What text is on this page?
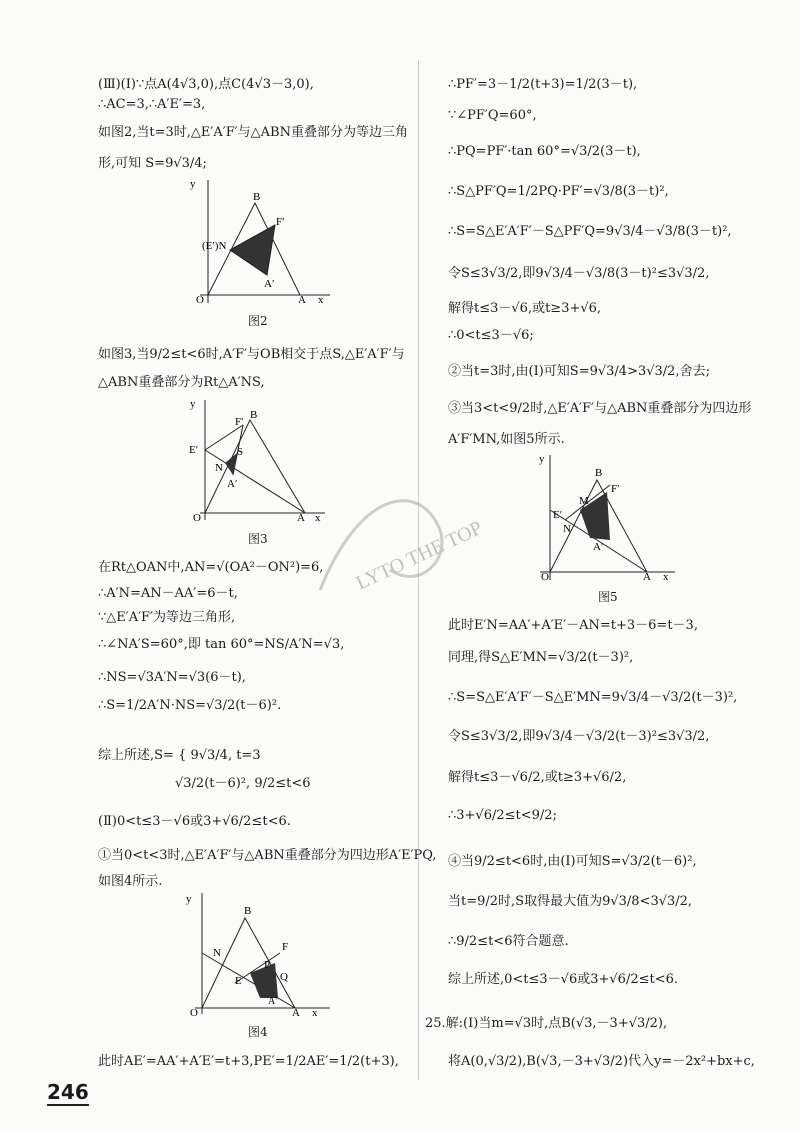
(Ⅲ)(Ⅰ)∵点A(4√3,0),点C(4√3－3,0),
∴AC=3,∴A′E′=3,
如图2,当t=3时,△E′A′F′与△ABN重叠部分为等边三角
形,可知 S=9√3/4;
y
B
F′
(E′)N
A′
O	A x
图2
如图3,当9/2≤t<6时,A′F′与OB相交于点S,△E′A′F′与
△ABN重叠部分为Rt△A′NS,
y
B
F′
E′
N
S
A′
O	A x
图3
在Rt△OAN中,AN=√(OA²－ON²)=6,
∴A′N=AN－AA′=6－t,
∵△E′A′F′为等边三角形,
∴∠NA′S=60°,即 tan 60°=NS/A′N=√3,
∴NS=√3A′N=√3(6－t),
∴S=1/2A′N·NS=√3/2(t－6)².
综上所述,S= { 9√3/4, t=3
√3/2(t－6)², 9/2≤t<6
(Ⅱ)0<t≤3－√6或3+√6/2≤t<6.
①当0<t<3时,△E′A′F′与△ABN重叠部分为四边形A′E′PQ,
如图4所示.
y
B
F
N
P
Q
E
A′
O	A x
图4
此时AE′=AA′+A′E′=t+3,PE′=1/2AE′=1/2(t+3),
∴PF′=3－1/2(t+3)=1/2(3－t),
∵∠PF′Q=60°,
∴PQ=PF′·tan 60°=√3/2(3－t),
∴S△PF′Q=1/2PQ·PF′=√3/8(3－t)²,
∴S=S△E′A′F′－S△PF′Q=9√3/4－√3/8(3－t)²,
令S≤3√3/2,即9√3/4－√3/8(3－t)²≤3√3/2,
解得t≤3－√6,或t≥3+√6,
∴0<t≤3－√6;
②当t=3时,由(Ⅰ)可知S=9√3/4>3√3/2,舍去;
③当3<t<9/2时,△E′A′F′与△ABN重叠部分为四边形
A′F′MN,如图5所示.
y
B
F′
M
E′
N
A′
O	A x
图5
此时E′N=AA′+A′E′－AN=t+3－6=t－3,
同理,得S△E′MN=√3/2(t－3)²,
∴S=S△E′A′F′－S△E′MN=9√3/4－√3/2(t－3)²,
令S≤3√3/2,即9√3/4－√3/2(t－3)²≤3√3/2,
解得t≤3－√6/2,或t≥3+√6/2,
∴3+√6/2≤t<9/2;
④当9/2≤t<6时,由(Ⅰ)可知S=√3/2(t－6)²,
当t=9/2时,S取得最大值为9√3/8<3√3/2,
∴9/2≤t<6符合题意.
综上所述,0<t≤3－√6或3+√6/2≤t<6.
25.解:(Ⅰ)当m=√3时,点B(√3,－3+√3/2),
将A(0,√3/2),B(√3,－3+√3/2)代入y=－2x²+bx+c,
LYTO THE TOP
246
